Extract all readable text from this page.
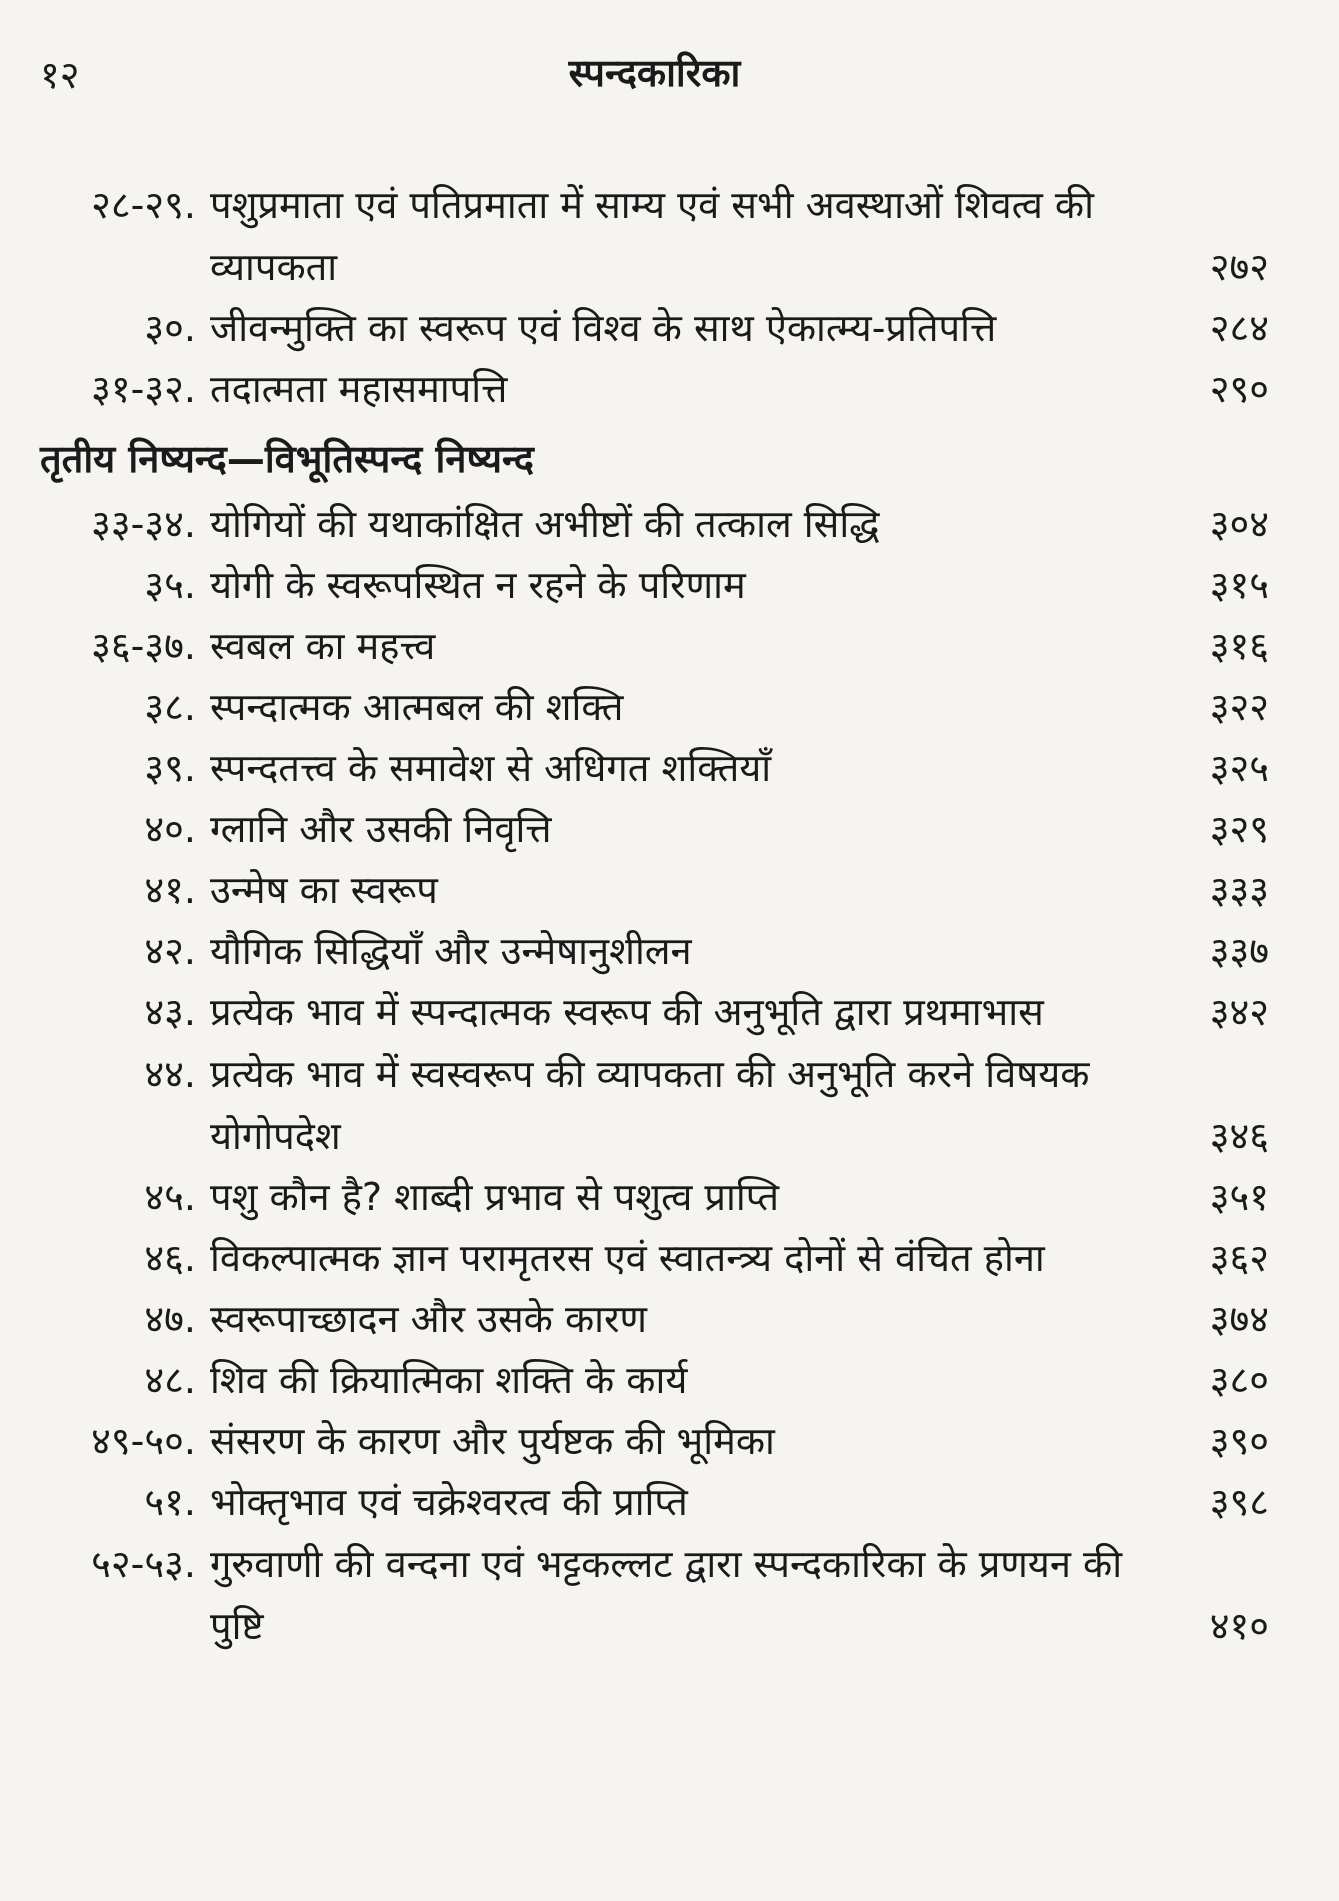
१२	स्पन्दकारिका
२८-२९. पशुप्रमाता एवं पतिप्रमाता में साम्य एवं सभी अवस्थाओं शिवत्व की व्यापकता	२७२
३०. जीवन्मुक्ति का स्वरूप एवं विश्व के साथ ऐकात्म्य-प्रतिपत्ति	२८४
३१-३२. तदात्मता महासमापत्ति	२९०
तृतीय निष्यन्द—विभूतिस्पन्द निष्यन्द
३३-३४. योगियों की यथाकांक्षित अभीष्टों की तत्काल सिद्धि	३०४
३५. योगी के स्वरूपस्थित न रहने के परिणाम	३१५
३६-३७. स्वबल का महत्त्व	३१६
३८. स्पन्दात्मक आत्मबल की शक्ति	३२२
३९. स्पन्दतत्त्व के समावेश से अधिगत शक्तियाँ	३२५
४०. ग्लानि और उसकी निवृत्ति	३२९
४१. उन्मेष का स्वरूप	३३३
४२. यौगिक सिद्धियाँ और उन्मेषानुशीलन	३३७
४३. प्रत्येक भाव में स्पन्दात्मक स्वरूप की अनुभूति द्वारा प्रथमाभास	३४२
४४. प्रत्येक भाव में स्वस्वरूप की व्यापकता की अनुभूति करने विषयक योगोपदेश	३४६
४५. पशु कौन है? शाब्दी प्रभाव से पशुत्व प्राप्ति	३५१
४६. विकल्पात्मक ज्ञान परामृतरस एवं स्वातन्त्र्य दोनों से वंचित होना	३६२
४७. स्वरूपाच्छादन और उसके कारण	३७४
४८. शिव की क्रियात्मिका शक्ति के कार्य	३८०
४९-५०. संसरण के कारण और पुर्यष्टक की भूमिका	३९०
५१. भोक्तृभाव एवं चक्रेश्वरत्व की प्राप्ति	३९८
५२-५३. गुरुवाणी की वन्दना एवं भट्टकल्लट द्वारा स्पन्दकारिका के प्रणयन की पुष्टि	४१०
